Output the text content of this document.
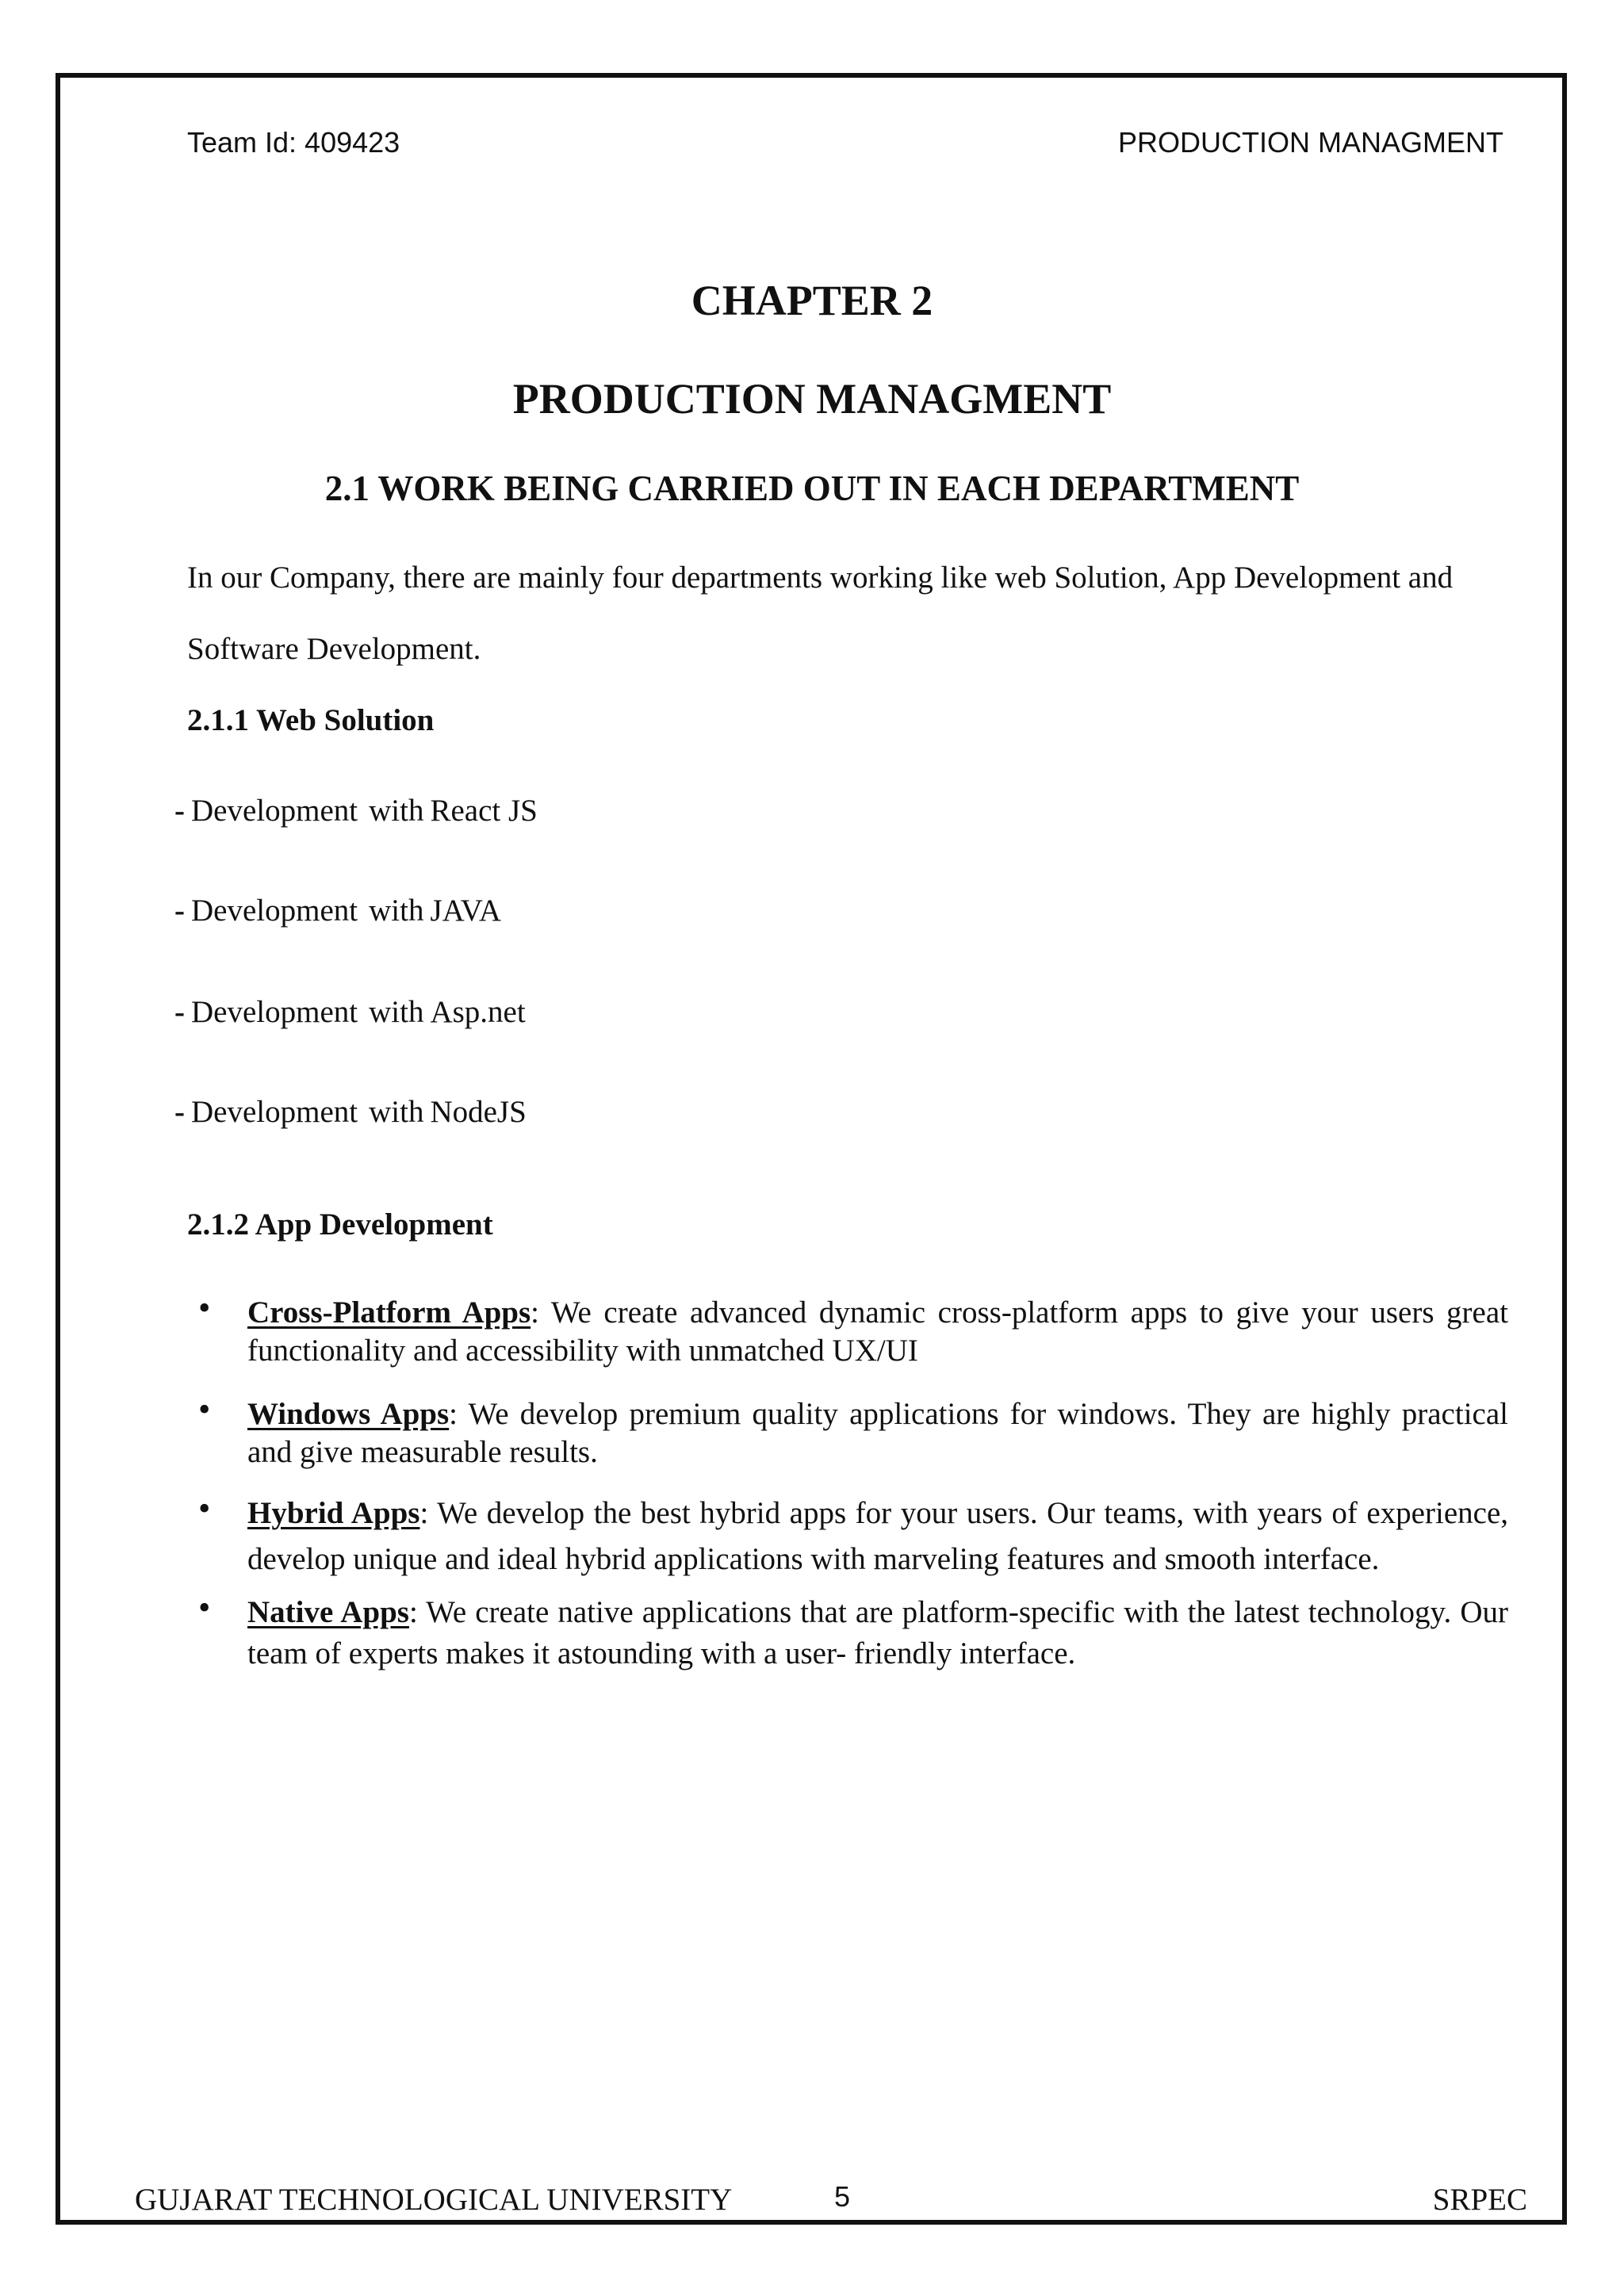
Team Id: 409423	PRODUCTION MANAGMENT
CHAPTER 2
PRODUCTION MANAGMENT
2.1 WORK BEING CARRIED OUT IN EACH DEPARTMENT

In our Company, there are mainly four departments working like web Solution, App Development and Software Development.

2.1.1 Web Solution
- Development with React JS
- Development with JAVA
- Development with Asp.net
- Development with NodeJS
2.1.2 App Development
• Cross-Platform Apps: We create advanced dynamic cross-platform apps to give your users great functionality and accessibility with unmatched UX/UI
• Windows Apps: We develop premium quality applications for windows. They are highly practical and give measurable results.
• Hybrid Apps: We develop the best hybrid apps for your users. Our teams, with years of experience, develop unique and ideal hybrid applications with marveling features and smooth interface.
• Native Apps: We create native applications that are platform-specific with the latest technology. Our team of experts makes it astounding with a user- friendly interface.
GUJARAT TECHNOLOGICAL UNIVERSITY	5	SRPEC
